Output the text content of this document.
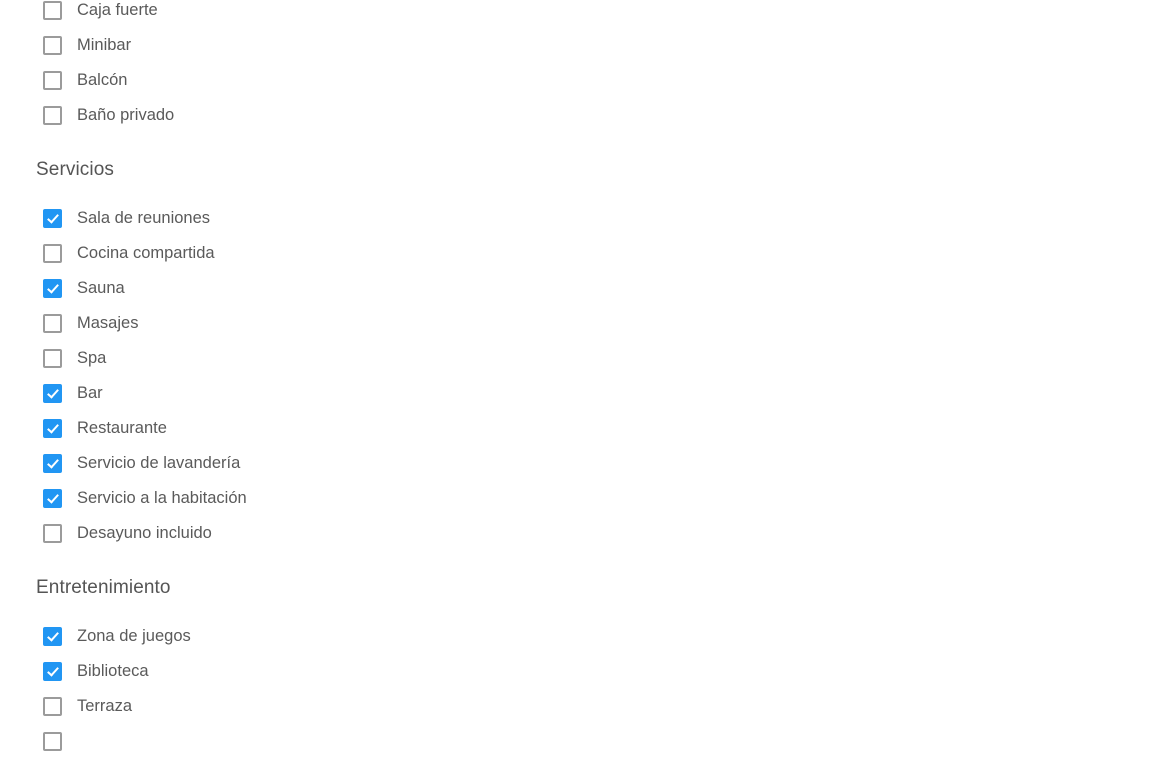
Caja fuerte
Minibar
Balcón
Baño privado
Servicios
Sala de reuniones
Cocina compartida
Sauna
Masajes
Spa
Bar
Restaurante
Servicio de lavandería
Servicio a la habitación
Desayuno incluido
Entretenimiento
Zona de juegos
Biblioteca
Terraza
